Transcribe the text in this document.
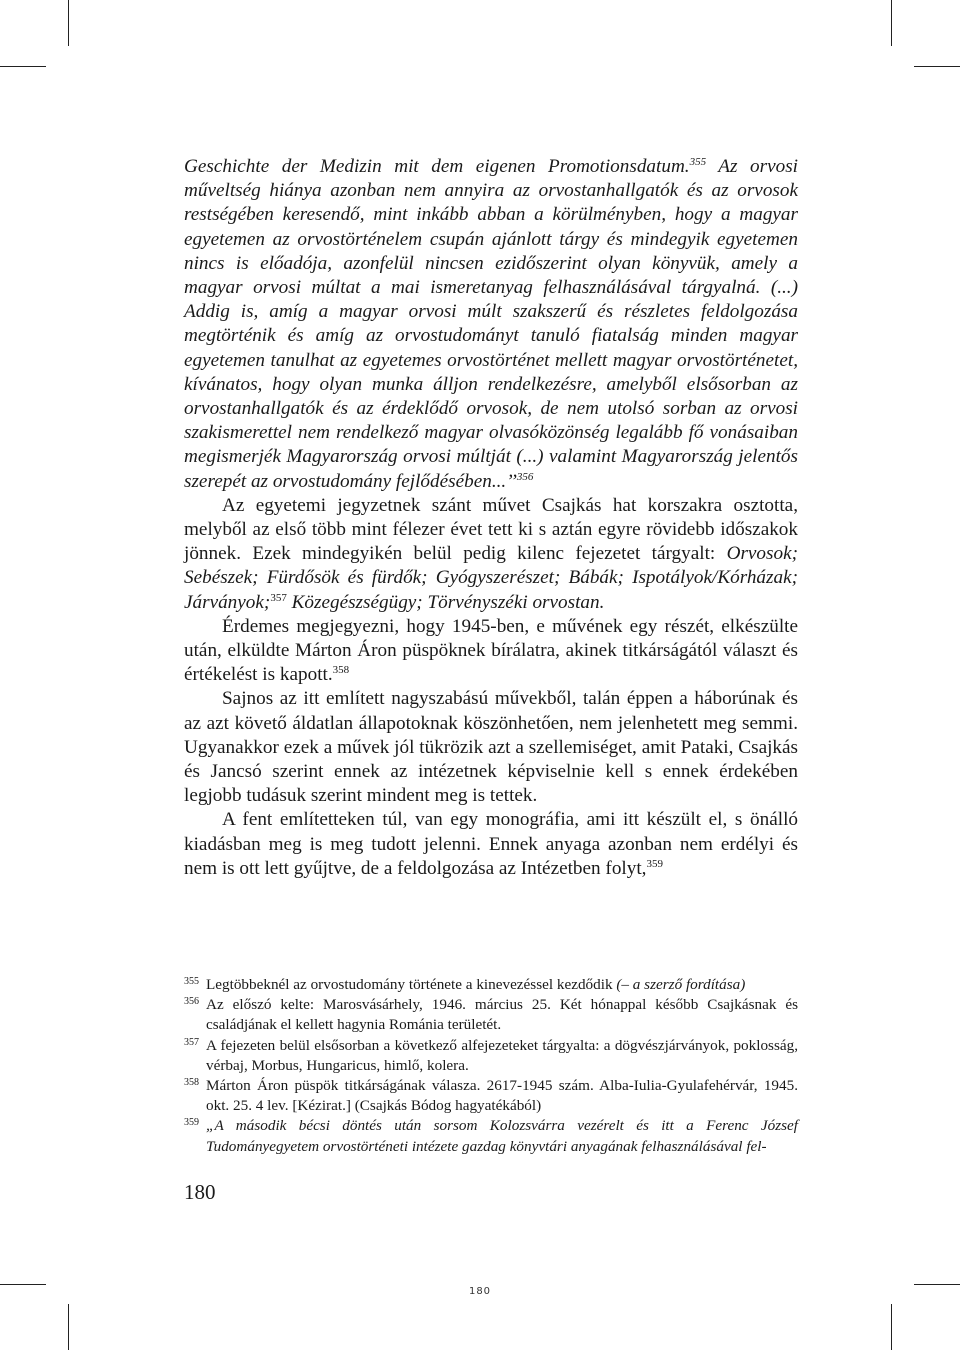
Geschichte der Medizin mit dem eigenen Promotionsdatum.$^{355}$ Az orvosi műveltség hiánya azonban nem annyira az orvostanhallgatók és az orvosok restségében keresendő, mint inkább abban a körülményben, hogy a magyar egyetemen az orvostörténelem csupán ajánlott tárgy és mindegyik egyetemen nincs is előadója, azonfelül nincsen ezidőszerint olyan könyvük, amely a magyar orvosi múltat a mai ismeretanyag felhasználásával tárgyalná. (...) Addig is, amíg a magyar orvosi múlt szakszerű és részletes feldolgozása megtörténik és amíg az orvostudományt tanuló fiatalság minden magyar egyetemen tanulhat az egyetemes orvostörténet mellett magyar orvostörténetet, kívánatos, hogy olyan munka álljon rendelkezésre, amelyből elsősorban az orvostanhallgatók és az érdeklődő orvosok, de nem utolsó sorban az orvosi szakismerettel nem rendelkező magyar olvasóközönség legalább fő vonásaiban megismerjék Magyarország orvosi múltját (...) valamint Magyarország jelentős szerepét az orvostudomány fejlődésében...’’$^{356}$

Az egyetemi jegyzetnek szánt művet Csajkás hat korszakra osztotta, melyből az első több mint félezer évet tett ki s aztán egyre rövidebb időszakok jönnek. Ezek mindegyikén belül pedig kilenc fejezetet tárgyalt: Orvosok; Sebészek; Fürdősök és fürdők; Gyógyszerészet; Bábák; Ispotályok/Kórházak; Járványok;$^{357}$ Közegészségügy; Törvényszéki orvostan.

Érdemes megjegyezni, hogy 1945-ben, e művének egy részét, elkészülte után, elküldte Márton Áron püspöknek bírálatra, akinek titkárságától választ és értékelést is kapott.$^{358}$

Sajnos az itt említett nagyszabású művekből, talán éppen a háborúnak és az azt követő áldatlan állapotoknak köszönhetően, nem jelenhetett meg semmi. Ugyanakkor ezek a művek jól tükrözik azt a szellemiséget, amit Pataki, Csajkás és Jancsó szerint ennek az intézetnek képviselnie kell s ennek érdekében legjobb tudásuk szerint mindent meg is tettek.

A fent említetteken túl, van egy monográfia, ami itt készült el, s önálló kiadásban meg is meg tudott jelenni. Ennek anyaga azonban nem erdélyi és nem is ott lett gyűjtve, de a feldolgozása az Intézetben folyt,$^{359}$

355 Legtöbbeknél az orvostudomány története a kinevezéssel kezdődik (– a szerző fordítása)

356 Az előszó kelte: Marosvásárhely, 1946. március 25. Két hónappal később Csajkásnak és családjának el kellett hagynia Románia területét.

357 A fejezeten belül elsősorban a következő alfejezeteket tárgyalta: a dögvészjárványok, poklosság, vérbaj, Morbus, Hungaricus, himlő, kolera.

358 Márton Áron püspök titkárságának válasza. 2617-1945 szám. Alba-Iulia-Gyulafehérvár, 1945. okt. 25. 4 lev. [Kézirat.] (Csajkás Bódog hagyatékából)

359 „A második bécsi döntés után sorsom Kolozsvárra vezérelt és itt a Ferenc József Tudományegyetem orvostörténeti intézete gazdag könyvtári anyagának felhasználásával fel-

180
180
